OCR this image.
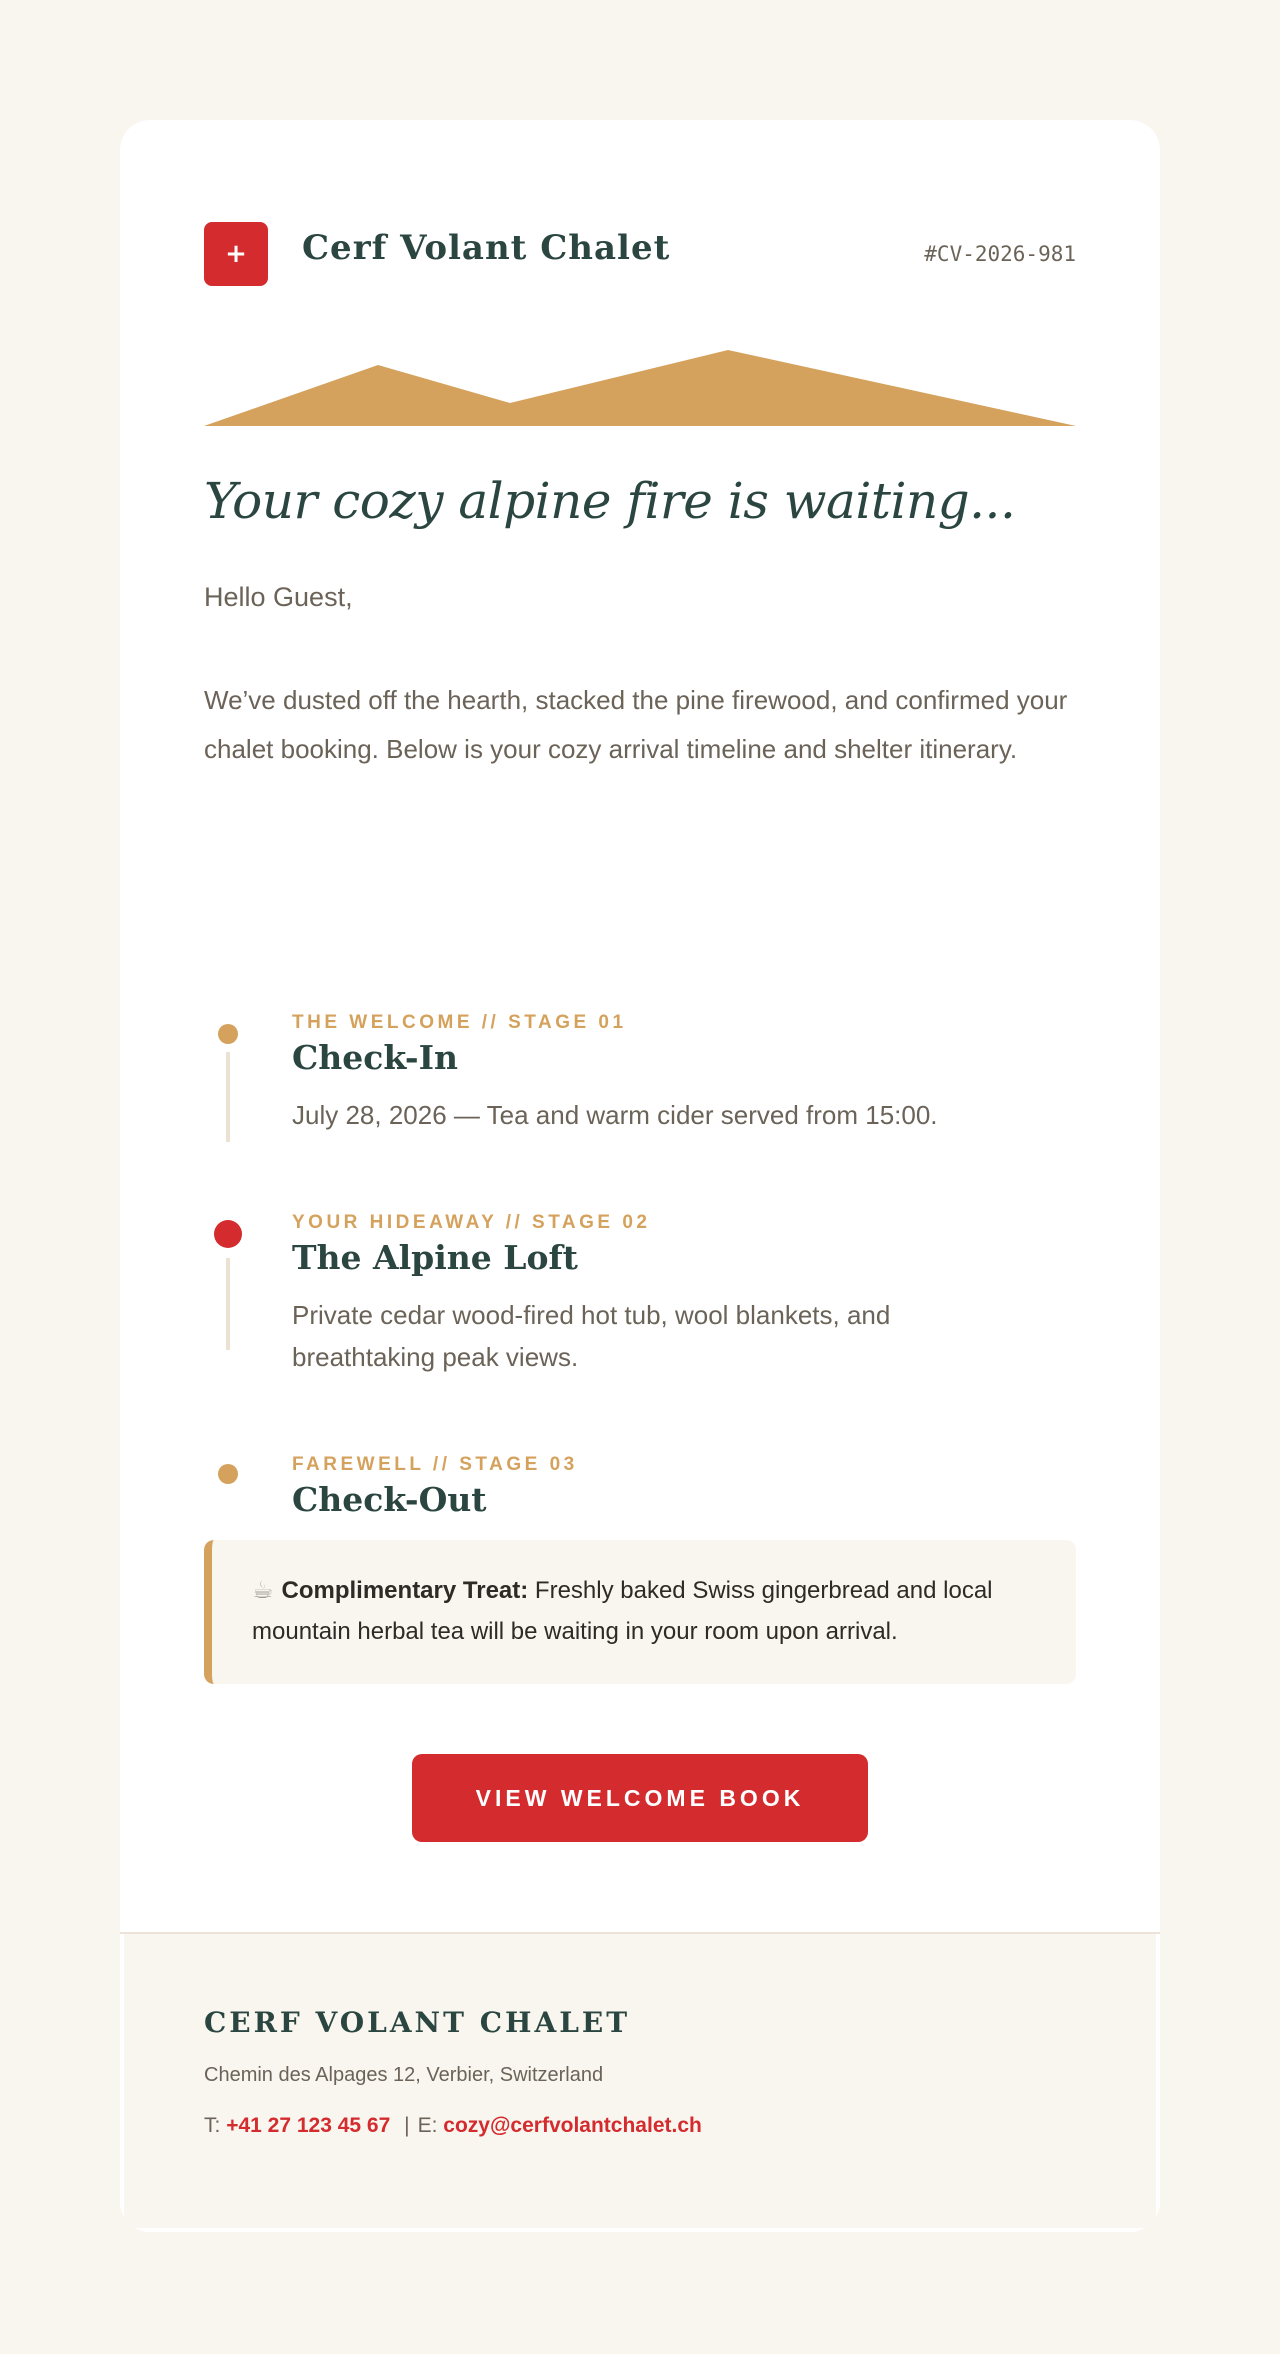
+	Cerf Volant Chalet	#CV-2026-981
Your cozy alpine fire is waiting...
Hello Guest,
We’ve dusted off the hearth, stacked the pine firewood, and confirmed your chalet booking. Below is your cozy arrival timeline and shelter itinerary.
THE WELCOME // STAGE 01
Check-In
July 28, 2026 — Tea and warm cider served from 15:00.
YOUR HIDEAWAY // STAGE 02
The Alpine Loft
Private cedar wood-fired hot tub, wool blankets, and breathtaking peak views.
FAREWELL // STAGE 03
Check-Out
☕ Complimentary Treat: Freshly baked Swiss gingerbread and local mountain herbal tea will be waiting in your room upon arrival.
VIEW WELCOME BOOK
CERF VOLANT CHALET
Chemin des Alpages 12, Verbier, Switzerland
T: +41 27 123 45 67 | E: cozy@cerfvolantchalet.ch
